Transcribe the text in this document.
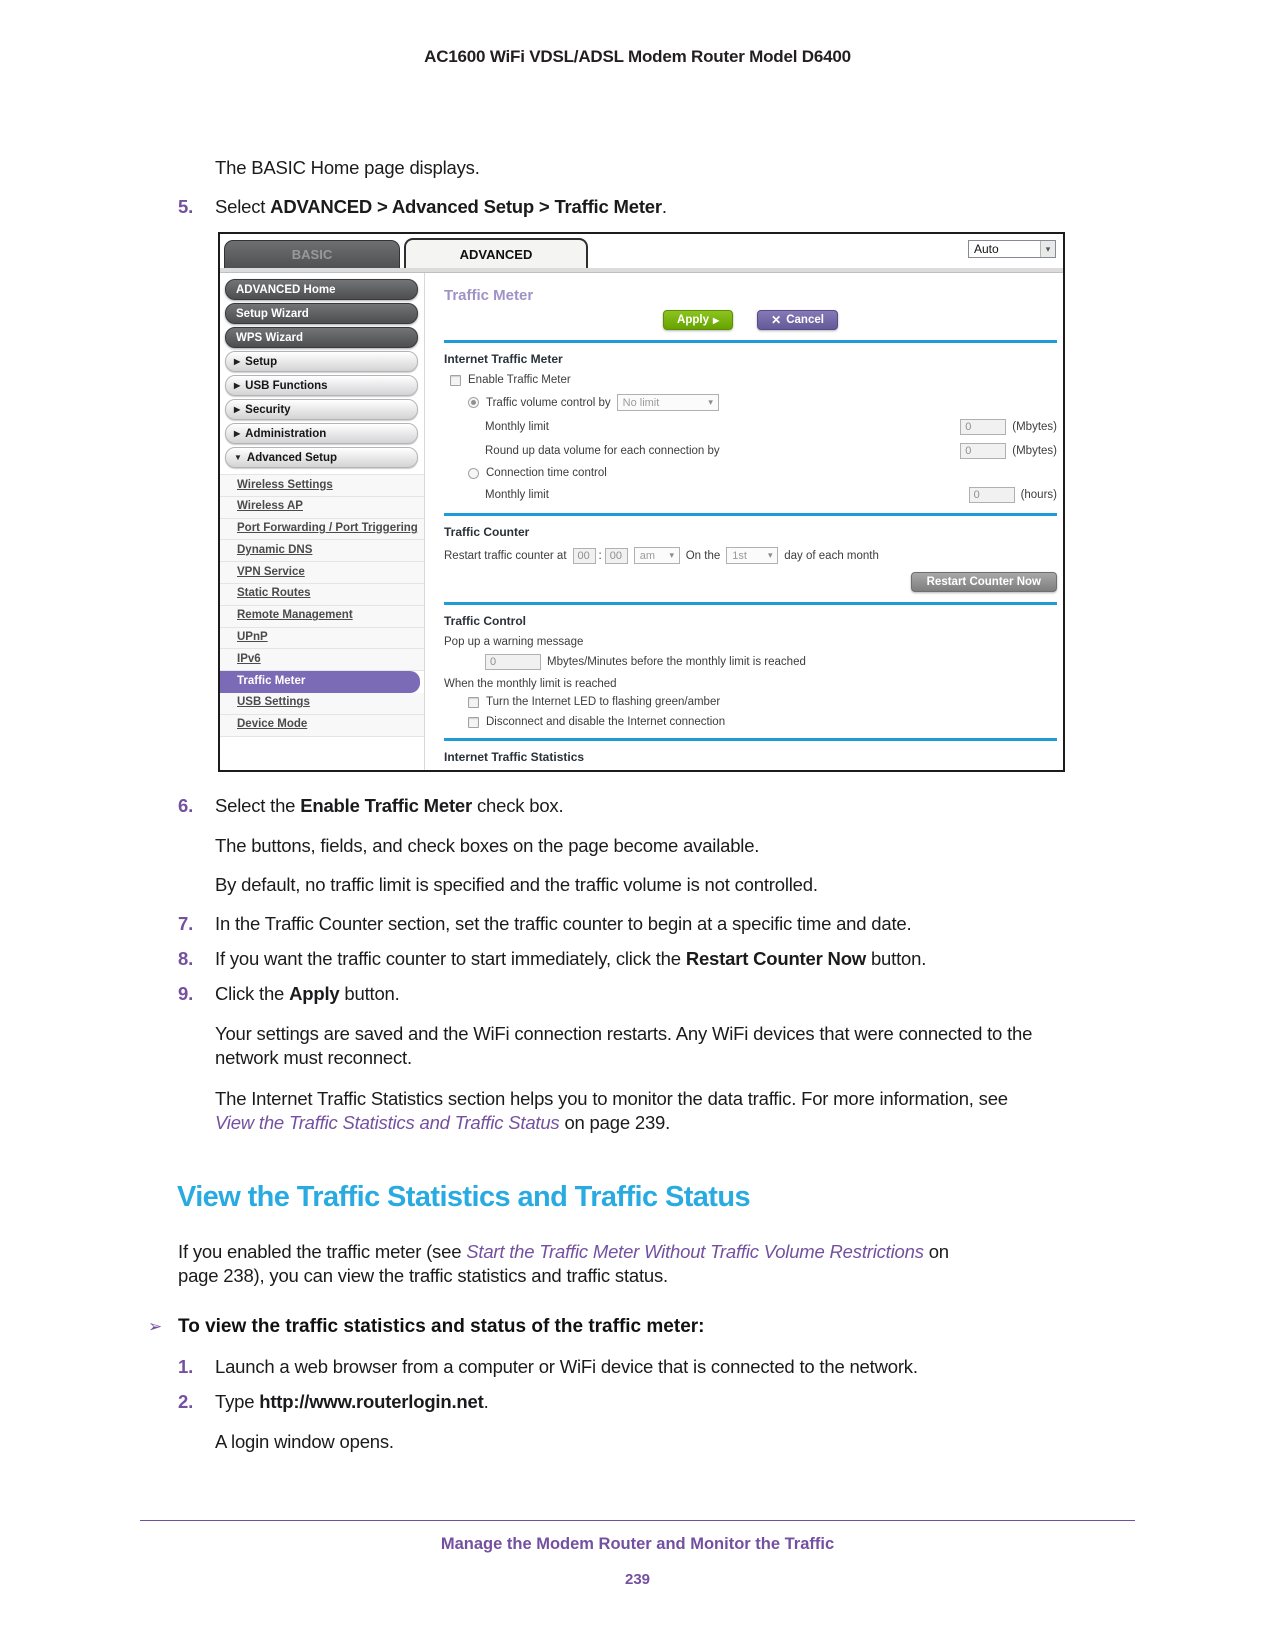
AC1600 WiFi VDSL/ADSL Modem Router Model D6400
The BASIC Home page displays.
5. Select ADVANCED > Advanced Setup > Traffic Meter.
BASIC	ADVANCED	Auto	▾
ADVANCED Home
Setup Wizard
WPS Wizard
▶ Setup
▶ USB Functions
▶ Security
▶ Administration
▼ Advanced Setup
Wireless Settings
Wireless AP
Port Forwarding / Port Triggering
Dynamic DNS
VPN Service
Static Routes
Remote Management
UPnP
IPv6
Traffic Meter
USB Settings
Device Mode
Traffic Meter
Apply ▶	✕ Cancel
Internet Traffic Meter
Enable Traffic Meter
Traffic volume control by	No limit	▾
Monthly limit	0	(Mbytes)
Round up data volume for each connection by	0	(Mbytes)
Connection time control
Monthly limit	0	(hours)
Traffic Counter
Restart traffic counter at	00 : 00	am	▾	On the	1st	▾	day of each month
Restart Counter Now
Traffic Control
Pop up a warning message
0	Mbytes/Minutes before the monthly limit is reached
When the monthly limit is reached
Turn the Internet LED to flashing green/amber
Disconnect and disable the Internet connection
Internet Traffic Statistics
6. Select the Enable Traffic Meter check box.
The buttons, fields, and check boxes on the page become available.
By default, no traffic limit is specified and the traffic volume is not controlled.
7. In the Traffic Counter section, set the traffic counter to begin at a specific time and date.
8. If you want the traffic counter to start immediately, click the Restart Counter Now button.
9. Click the Apply button.
Your settings are saved and the WiFi connection restarts. Any WiFi devices that were connected to the network must reconnect.
The Internet Traffic Statistics section helps you to monitor the data traffic. For more information, see View the Traffic Statistics and Traffic Status on page 239.
View the Traffic Statistics and Traffic Status
If you enabled the traffic meter (see Start the Traffic Meter Without Traffic Volume Restrictions on page 238), you can view the traffic statistics and traffic status.
➢ To view the traffic statistics and status of the traffic meter:
1. Launch a web browser from a computer or WiFi device that is connected to the network.
2. Type http://www.routerlogin.net.
A login window opens.
Manage the Modem Router and Monitor the Traffic
239
